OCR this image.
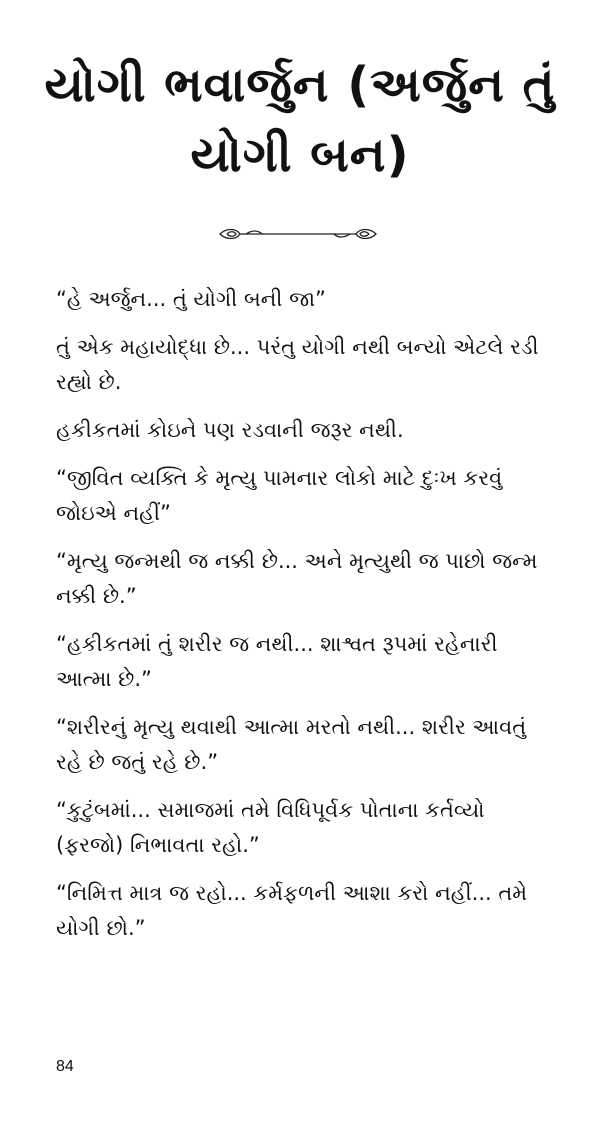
યોગી ભવાર્જુન (અર્જુન તું યોગી બન)

“હે અર્જુન... તું યોગી બની જા”

તું એક મહાયોદ્ધા છે... પરંતુ યોગી નથી બન્યો એટલે રડી રહ્યો છે.

હકીકતમાં કોઇને પણ રડવાની જરૂર નથી.

“જીવિત વ્યક્તિ કે મૃત્યુ પામનાર લોકો માટે દુઃખ કરવું જોઇએ નહીં”

“મૃત્યુ જન્મથી જ નક્કી છે... અને મૃત્યુથી જ પાછો જન્મ નક્કી છે.”

“હકીકતમાં તું શરીર જ નથી... શાશ્વત રૂપમાં રહેનારી આત્મા છે.”

“શરીરનું મૃત્યુ થવાથી આત્મા મરતો નથી... શરીર આવતું રહે છે જતું રહે છે.”

“કુટુંબમાં... સમાજમાં તમે વિધિપૂર્વક પોતાના કર્તવ્યો (ફરજો) નિભાવતા રહો.”

“નિમિત્ત માત્ર જ રહો... કર્મફળની આશા કરો નહીં... તમે યોગી છો.”

84
